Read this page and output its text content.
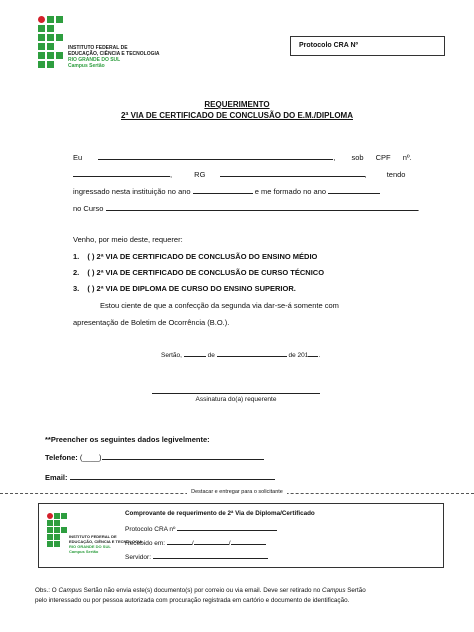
INSTITUTO FEDERAL DE
EDUCAÇÃO, CIÊNCIA E TECNOLOGIA
RIO GRANDE DO SUL
Campus Sertão
Protocolo CRA Nº
REQUERIMENTO
2ª VIA DE CERTIFICADO DE CONCLUSÃO DO E.M./DIPLOMA
Eu	, sob CPF nº.
,	RG	, tendo
ingressado nesta instituição no ano	e me formado no ano
no Curso	.
Venho, por meio deste, requerer:
1. ( ) 2ª VIA DE CERTIFICADO DE CONCLUSÃO DO ENSINO MÉDIO
2. ( ) 2ª VIA DE CERTIFICADO DE CONCLUSÃO DE CURSO TÉCNICO
3. ( ) 2ª VIA DE DIPLOMA DE CURSO DO ENSINO SUPERIOR.
Estou ciente de que a confecção da segunda via dar-se-á somente com
apresentação de Boletim de Ocorrência (B.O.).
Sertão,	de	de 201 .
Assinatura do(a) requerente
**Preencher os seguintes dados legivelmente:
Telefone: (____)
Email:
Destacar e entregar para o solicitante
INSTITUTO FEDERAL DE
EDUCAÇÃO, CIÊNCIA E TECNOLOGIA
RIO GRANDE DO SUL
Campus Sertão
Comprovante de requerimento de 2ª Via de Diploma/Certificado
Protocolo CRA nº
Recebido em:	/	/
Servidor:
Obs.: O Campus Sertão não envia este(s) documento(s) por correio ou via email. Deve ser retirado no Campus Sertão
pelo interessado ou por pessoa autorizada com procuração registrada em cartório e documento de identificação.
